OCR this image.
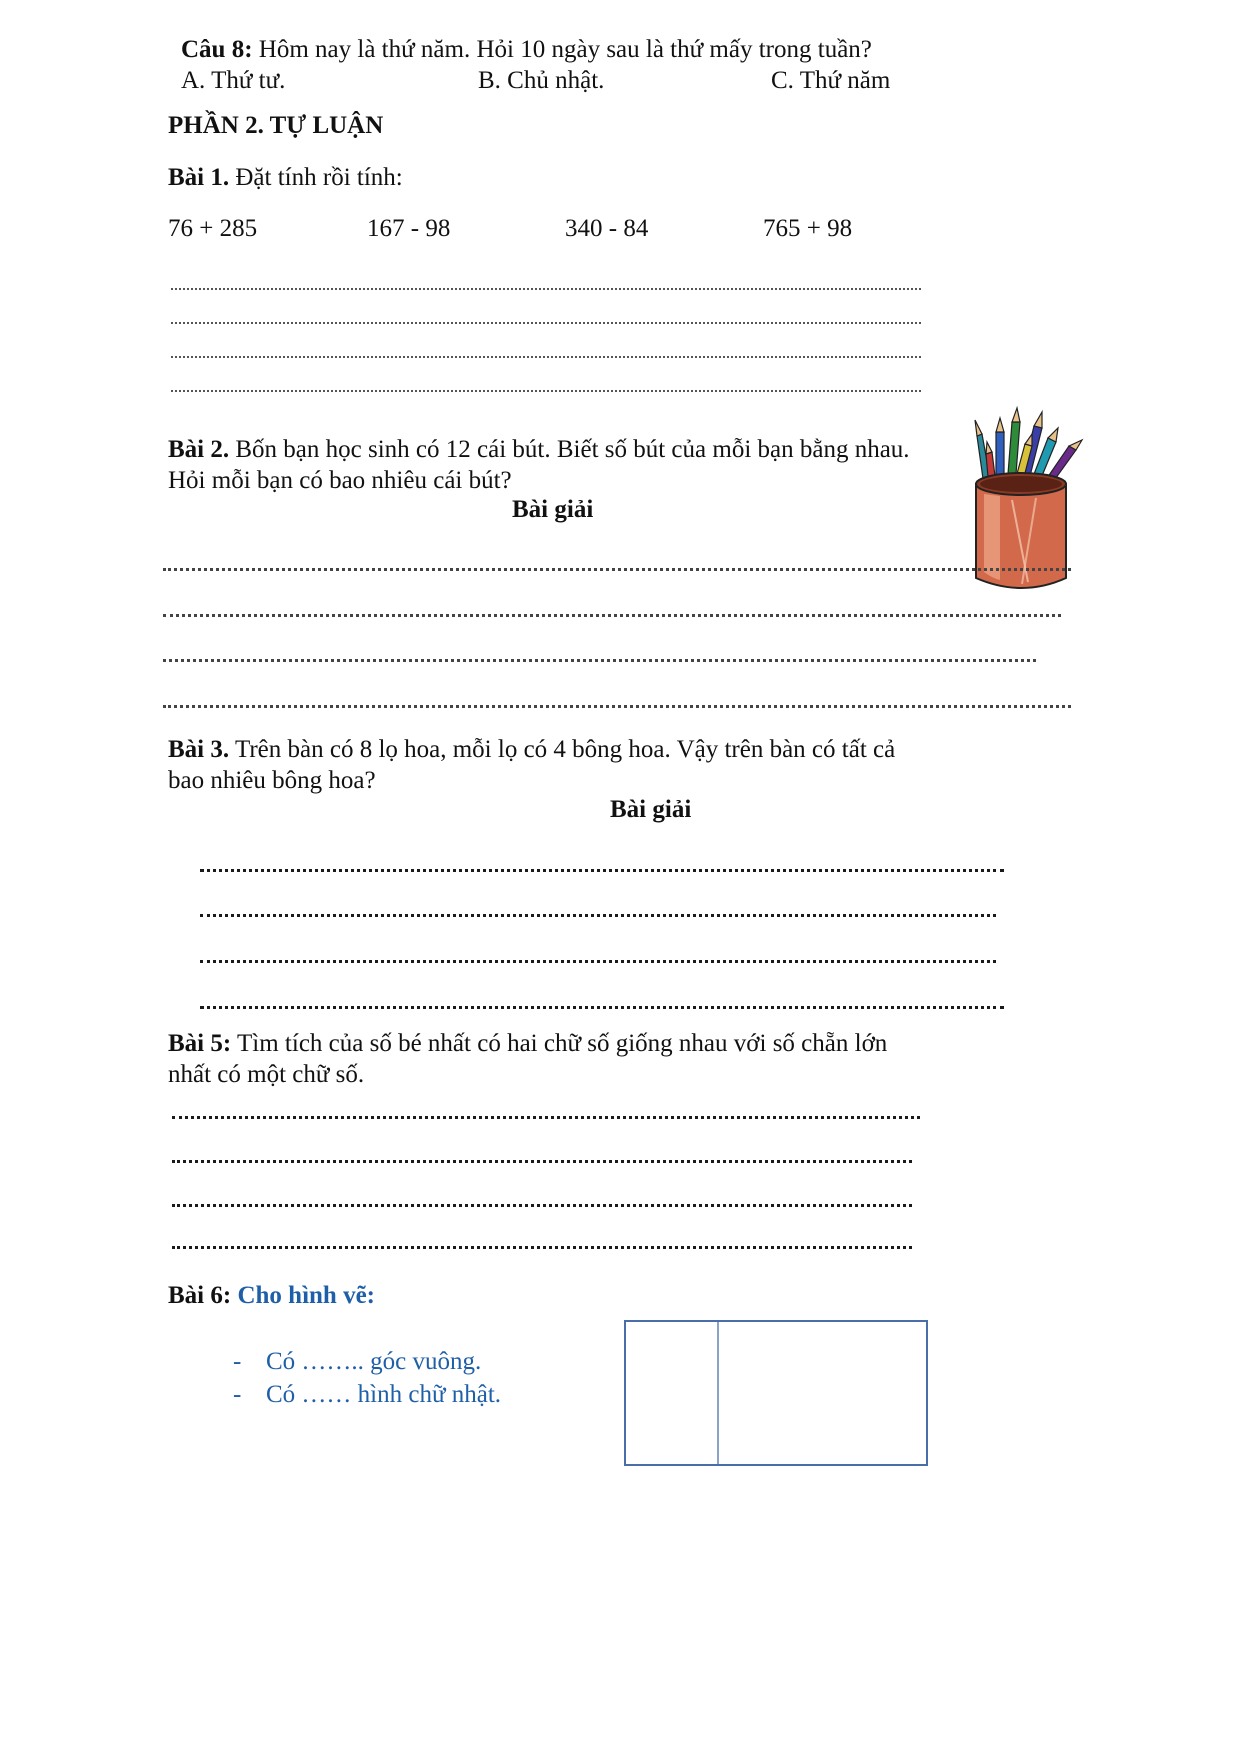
Câu 8: Hôm nay là thứ năm. Hỏi 10 ngày sau là thứ mấy trong tuần?
A. Thứ tư.	B. Chủ nhật.	C. Thứ năm
PHẦN 2. TỰ LUẬN
Bài 1. Đặt tính rồi tính:
76 + 285	167 - 98	340 - 84	765 + 98
Bài 2. Bốn bạn học sinh có 12 cái bút. Biết số bút của mỗi bạn bằng nhau.
Hỏi mỗi bạn có bao nhiêu cái bút?
Bài giải
Bài 3. Trên bàn có 8 lọ hoa, mỗi lọ có 4 bông hoa. Vậy trên bàn có tất cả
bao nhiêu bông hoa?
Bài giải
Bài 5: Tìm tích của số bé nhất có hai chữ số giống nhau với số chẵn lớn
nhất có một chữ số.
Bài 6: Cho hình vẽ:
- Có …….. góc vuông.
- Có …… hình chữ nhật.
